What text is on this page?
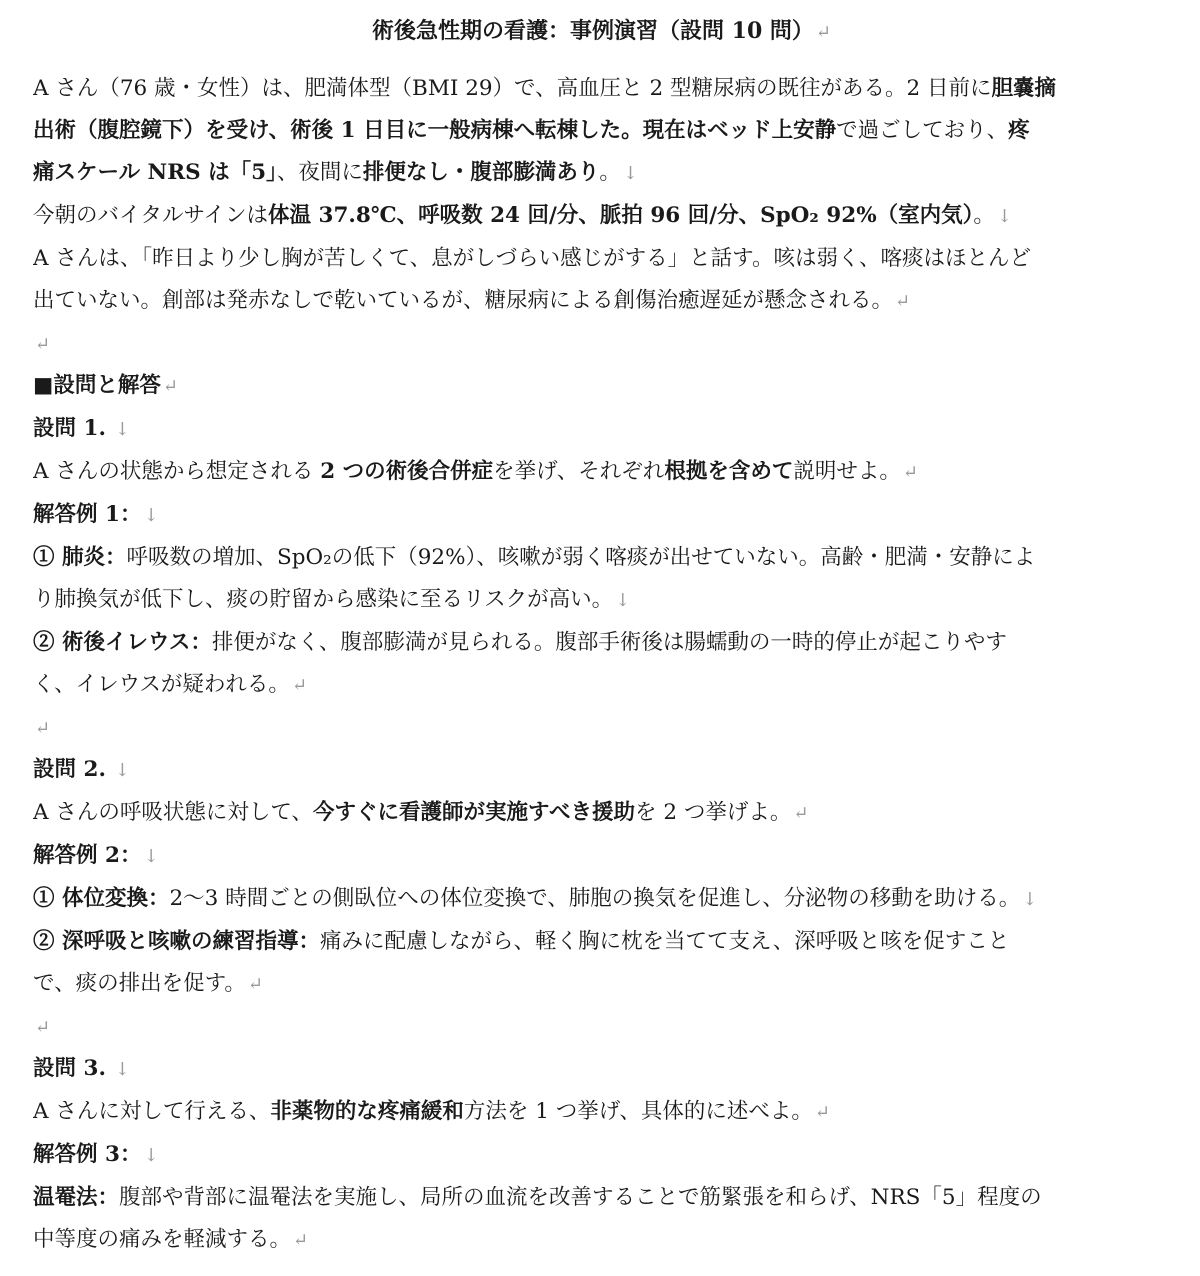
術後急性期の看護：事例演習（設問 10 問） ↵
A さん（76 歳・女性）は、肥満体型（BMI 29）で、高血圧と 2 型糖尿病の既往がある。2 日前に胆嚢摘
出術（腹腔鏡下）を受け、術後 1 日目に一般病棟へ転棟した。現在はベッド上安静で過ごしており、疼
痛スケール NRS は「5」、夜間に排便なし・腹部膨満あり。 ↓
今朝のバイタルサインは体温 37.8℃、呼吸数 24 回/分、脈拍 96 回/分、SpO₂ 92%（室内気）。 ↓
A さんは、「昨日より少し胸が苦しくて、息がしづらい感じがする」と話す。咳は弱く、喀痰はほとんど
出ていない。創部は発赤なしで乾いているが、糖尿病による創傷治癒遅延が懸念される。 ↵
↵
■設問と解答 ↵
設問 1. ↓
A さんの状態から想定される 2 つの術後合併症を挙げ、それぞれ根拠を含めて説明せよ。 ↵
解答例 1： ↓
① 肺炎：呼吸数の増加、SpO₂の低下（92%）、咳嗽が弱く喀痰が出せていない。高齢・肥満・安静によ
り肺換気が低下し、痰の貯留から感染に至るリスクが高い。 ↓
② 術後イレウス：排便がなく、腹部膨満が見られる。腹部手術後は腸蠕動の一時的停止が起こりやす
く、イレウスが疑われる。 ↵
↵
設問 2. ↓
A さんの呼吸状態に対して、今すぐに看護師が実施すべき援助を 2 つ挙げよ。 ↵
解答例 2： ↓
① 体位変換：2〜3 時間ごとの側臥位への体位変換で、肺胞の換気を促進し、分泌物の移動を助ける。 ↓
② 深呼吸と咳嗽の練習指導：痛みに配慮しながら、軽く胸に枕を当てて支え、深呼吸と咳を促すこと
で、痰の排出を促す。 ↵
↵
設問 3. ↓
A さんに対して行える、非薬物的な疼痛緩和方法を 1 つ挙げ、具体的に述べよ。 ↵
解答例 3： ↓
温罨法：腹部や背部に温罨法を実施し、局所の血流を改善することで筋緊張を和らげ、NRS「5」程度の
中等度の痛みを軽減する。 ↵
